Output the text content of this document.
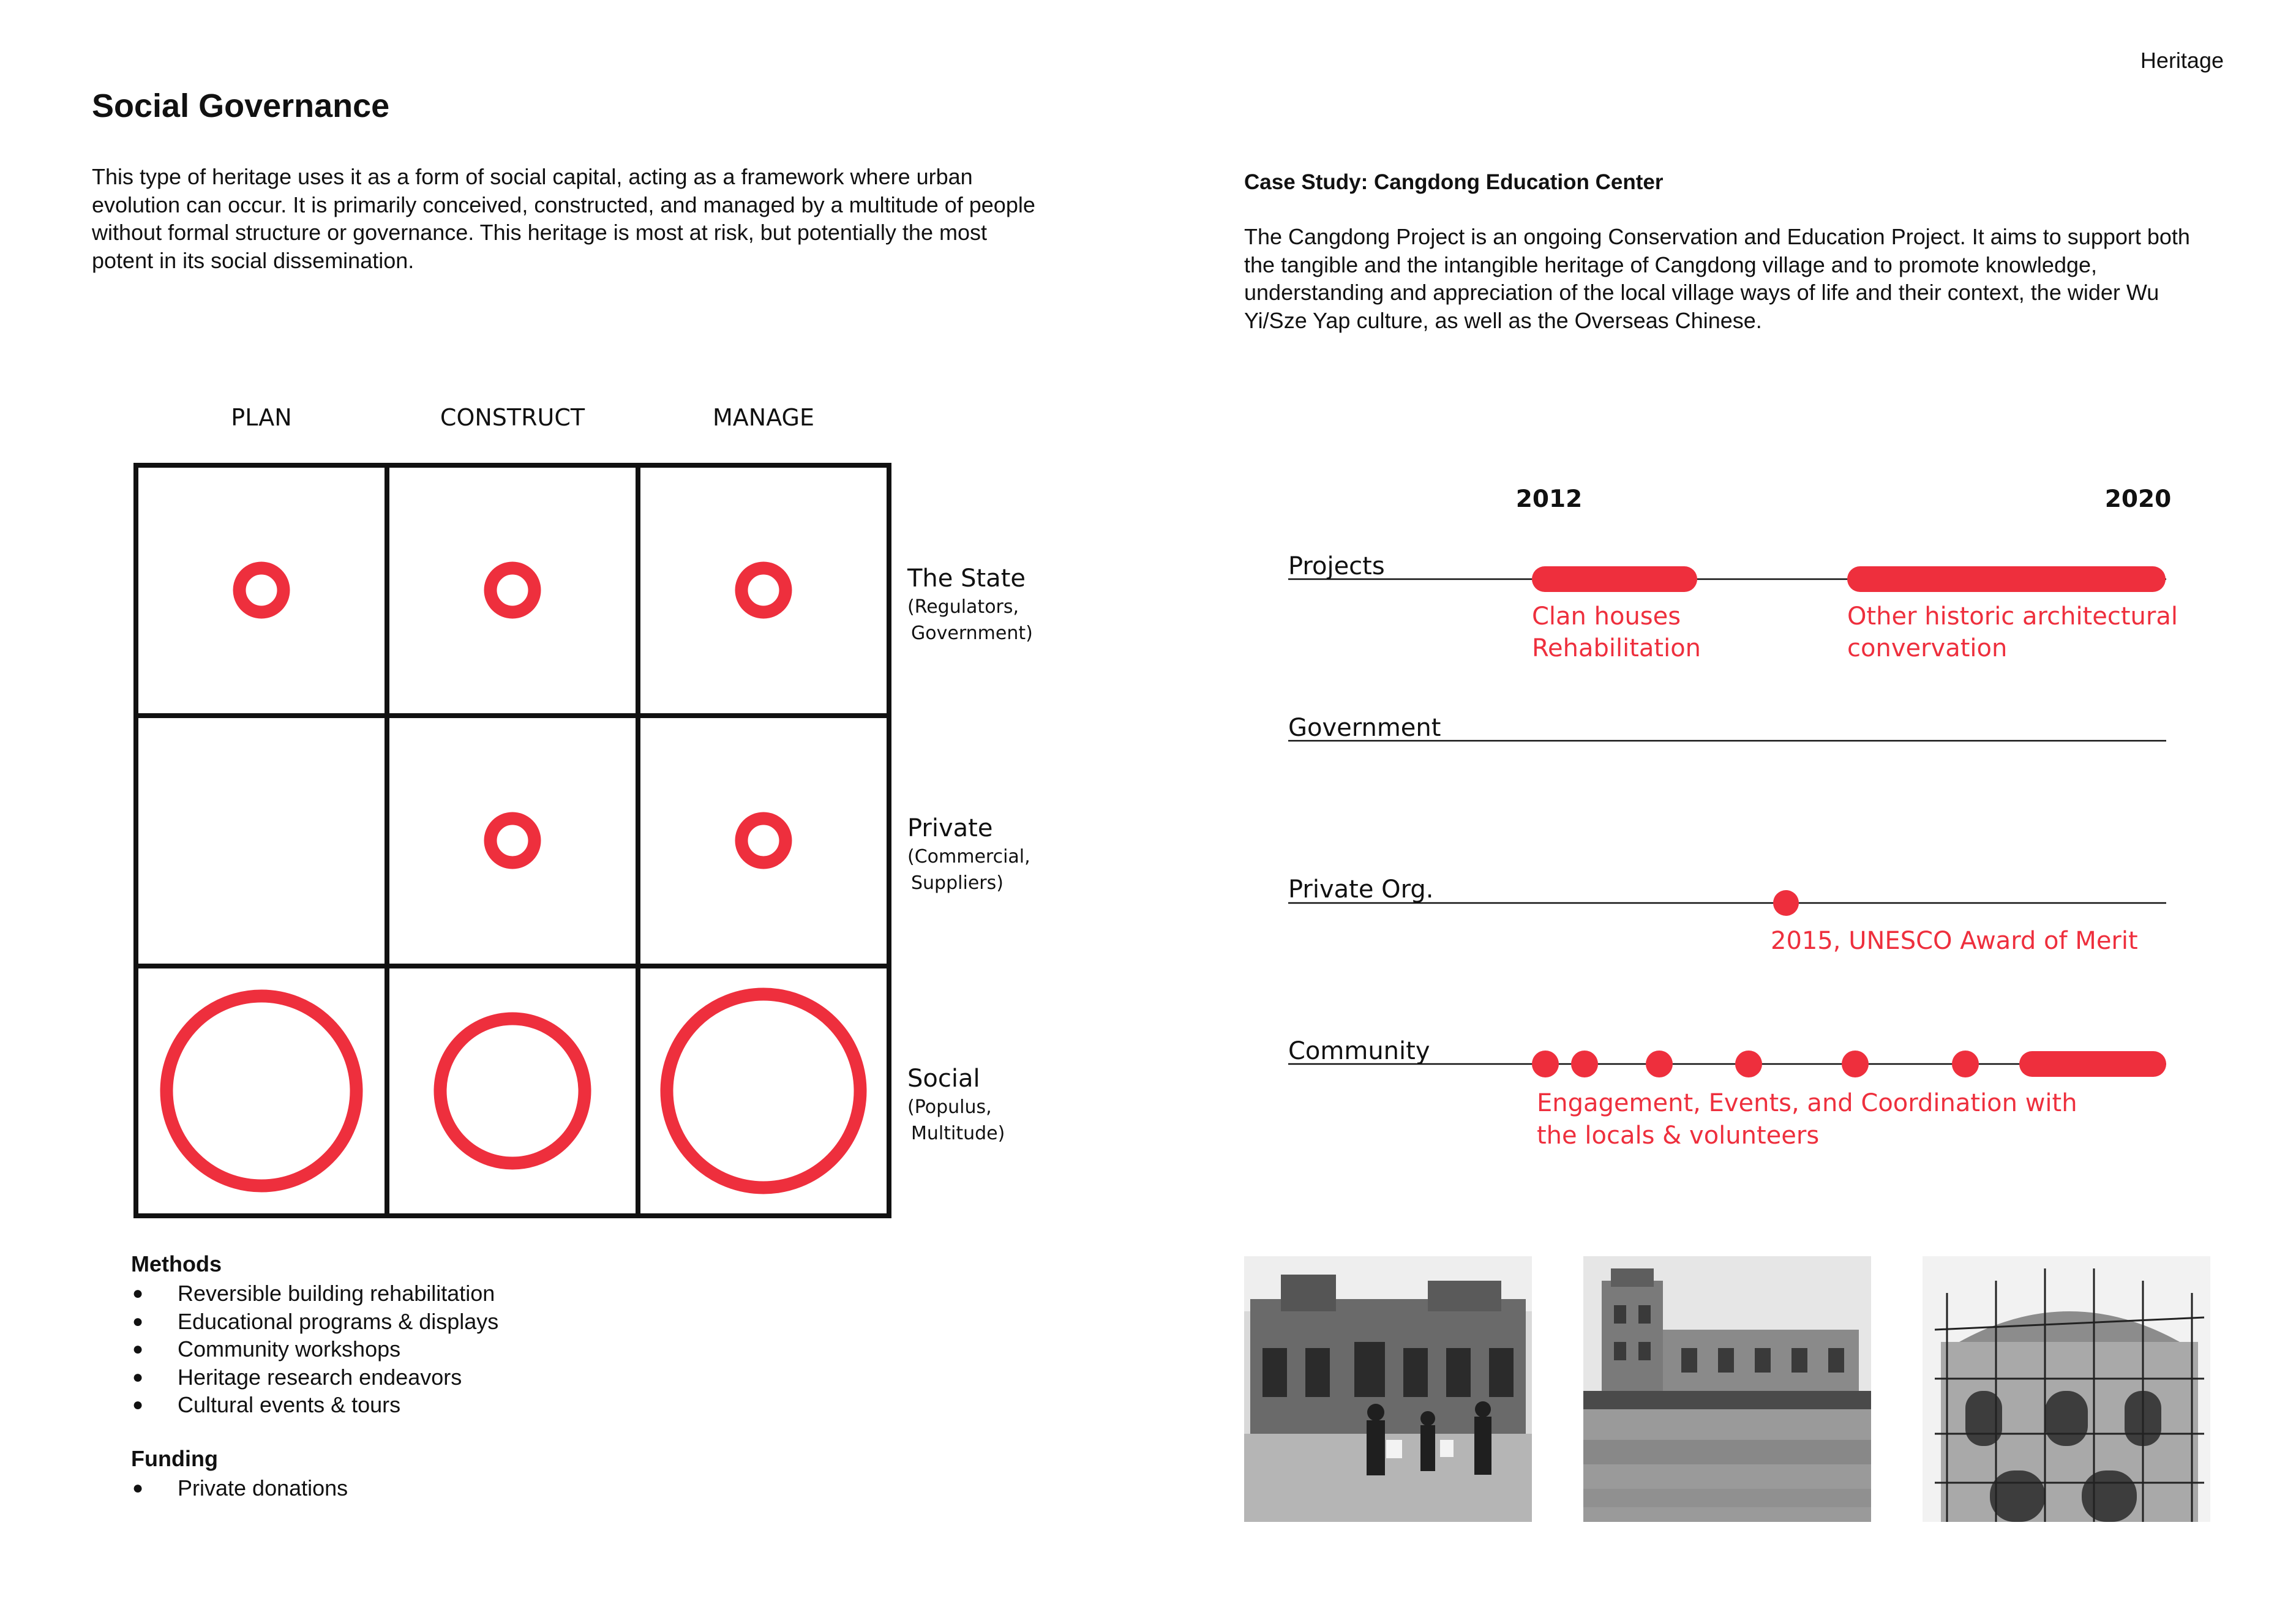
Heritage
Social Governance

This type of heritage uses it as a form of social capital, acting as a framework where urban evolution can occur. It is primarily conceived, constructed, and managed by a multitude of people without formal structure or governance. This heritage is most at risk, but potentially the most potent in its social dissemination.

PLAN	CONSTRUCT	MANAGE
The State
(Regulators,
Government)
Private
(Commercial,
Suppliers)
Social
(Populus,
Multitude)
Methods
● Reversible building rehabilitation
● Educational programs & displays
● Community workshops
● Heritage research endeavors
● Cultural events & tours
Funding
● Private donations
Case Study: Cangdong Education Center

The Cangdong Project is an ongoing Conservation and Education Project. It aims to support both the tangible and the intangible heritage of Cangdong village and to promote knowledge, understanding and appreciation of the local village ways of life and their context, the wider Wu Yi/Sze Yap culture, as well as the Overseas Chinese.

2012	2020
Projects
Clan houses
Rehabilitation
Other historic architectural
convervation
Government
Private Org.
2015, UNESCO Award of Merit
Community
Engagement, Events, and Coordination with
the locals & volunteers
